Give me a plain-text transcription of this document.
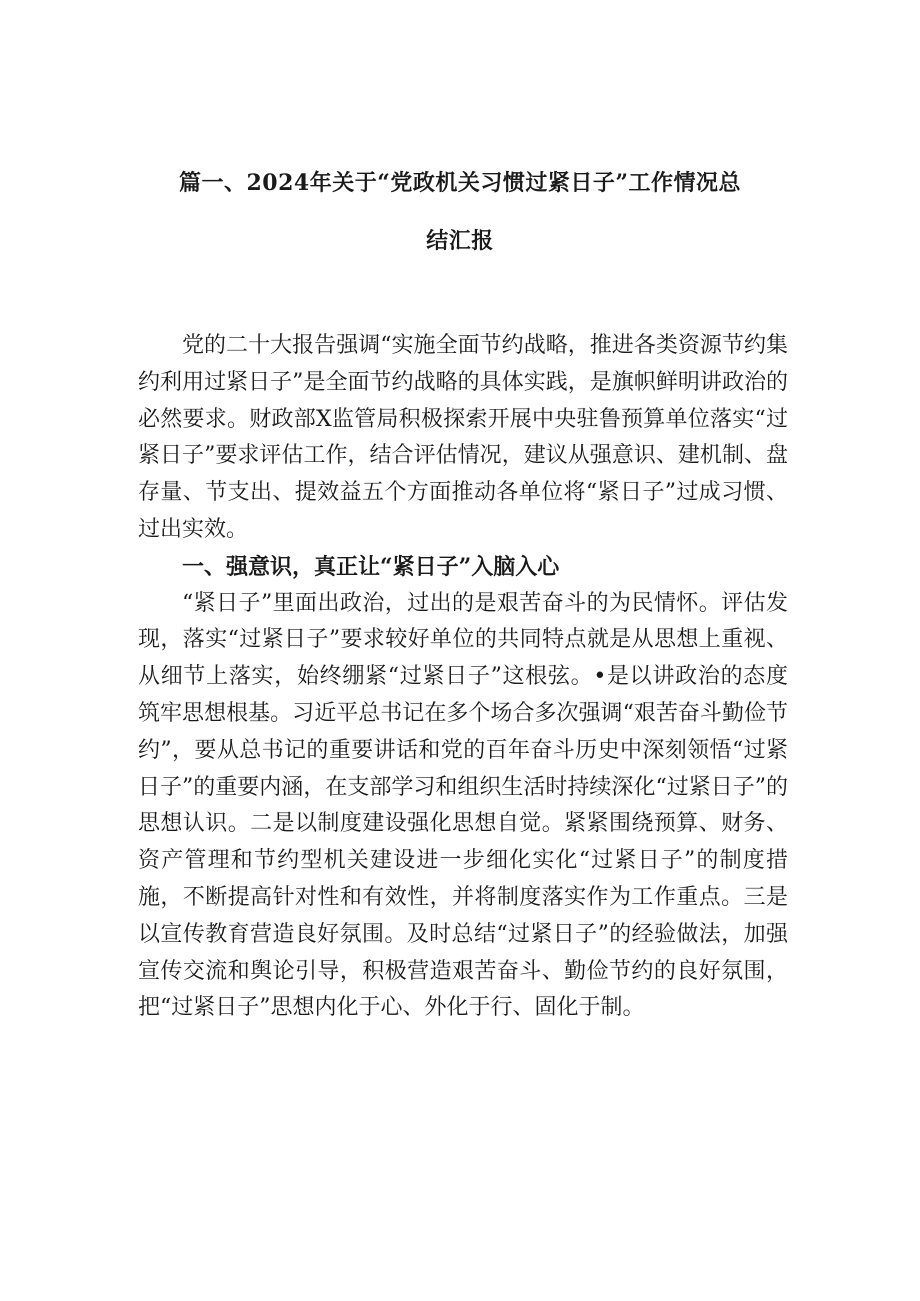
篇一、2024年关于“党政机关习惯过紧日子”工作情况总
结汇报

党的二十大报告强调“实施全面节约战略，推进各类资源节约集约利用过紧日子”是全面节约战略的具体实践，是旗帜鲜明讲政治的必然要求。财政部X监管局积极探索开展中央驻鲁预算单位落实“过紧日子”要求评估工作，结合评估情况，建议从强意识、建机制、盘存量、节支出、提效益五个方面推动各单位将“紧日子”过成习惯、过出实效。

一、强意识，真正让“紧日子”入脑入心

“紧日子”里面出政治，过出的是艰苦奋斗的为民情怀。评估发现，落实“过紧日子”要求较好单位的共同特点就是从思想上重视、从细节上落实，始终绷紧“过紧日子”这根弦。•是以讲政治的态度筑牢思想根基。习近平总书记在多个场合多次强调“艰苦奋斗勤俭节约”，要从总书记的重要讲话和党的百年奋斗历史中深刻领悟“过紧日子”的重要内涵，在支部学习和组织生活时持续深化“过紧日子”的思想认识。二是以制度建设强化思想自觉。紧紧围绕预算、财务、资产管理和节约型机关建设进一步细化实化“过紧日子”的制度措施，不断提高针对性和有效性，并将制度落实作为工作重点。三是以宣传教育营造良好氛围。及时总结“过紧日子”的经验做法，加强宣传交流和舆论引导，积极营造艰苦奋斗、勤俭节约的良好氛围，把“过紧日子”思想内化于心、外化于行、固化于制。
